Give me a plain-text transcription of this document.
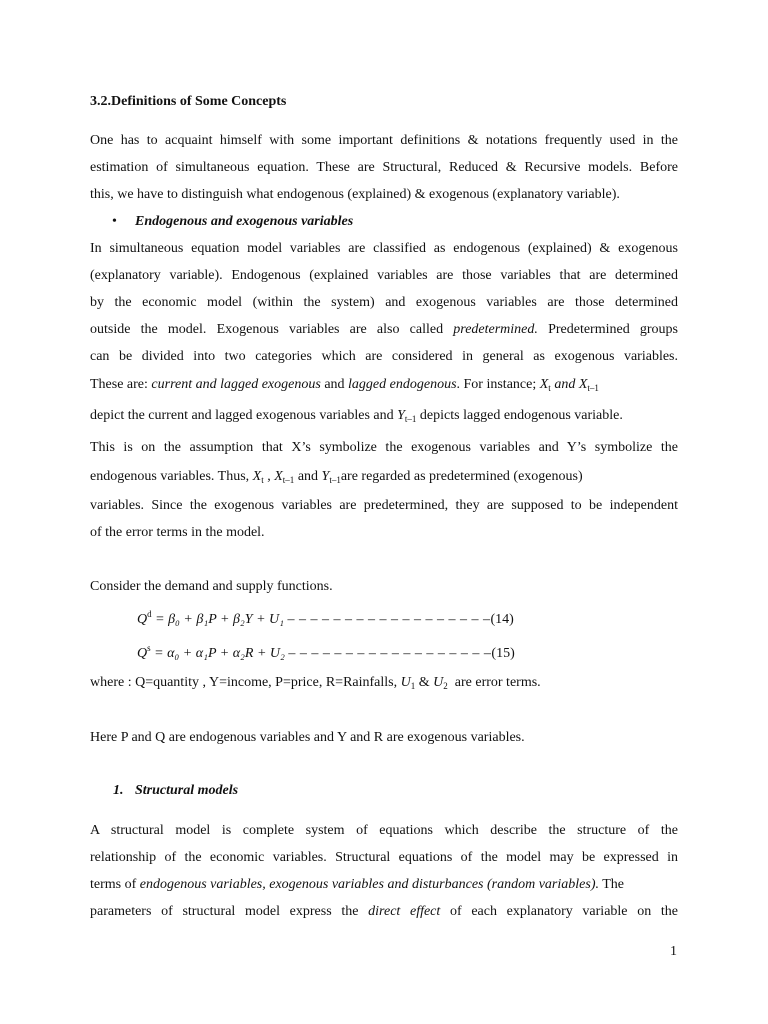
3.2.Definitions of Some Concepts
One has to acquaint himself with some important definitions & notations frequently used in the
estimation of simultaneous equation. These are Structural, Reduced & Recursive models. Before
this, we have to distinguish what endogenous (explained) & exogenous (explanatory variable).
• Endogenous and exogenous variables
In simultaneous equation model variables are classified as endogenous (explained) & exogenous
(explanatory variable). Endogenous (explained variables are those variables that are determined
by the economic model (within the system) and exogenous variables are those determined
outside the model. Exogenous variables are also called predetermined. Predetermined groups
can be divided into two categories which are considered in general as exogenous variables.
These are: current and lagged exogenous and lagged endogenous. For instance; $X_t$ and $X_{t-1}$
depict the current and lagged exogenous variables and $Y_{t-1}$ depicts lagged endogenous variable.
This is on the assumption that X’s symbolize the exogenous variables and Y’s symbolize the
endogenous variables. Thus, $X_t$ , $X_{t-1}$ and $Y_{t-1}are$ regarded as predetermined (exogenous)
variables. Since the exogenous variables are predetermined, they are supposed to be independent
of the error terms in the model.
Consider the demand and supply functions.
$Q^d = \beta_0 + \beta_1P + \beta_2Y + U_1$ – – – – – – – – – – – – – – – – – –(14)
$Q^s = \alpha_0 + \alpha_1P + \alpha_2R + U_2$ – – – – – – – – – – – – – – – – – –(15)
where : Q=quantity , Y=income, P=price, R=Rainfalls, $U_1$ & $U_2$ are error terms.
Here P and Q are endogenous variables and Y and R are exogenous variables.
1. Structural models
A structural model is complete system of equations which describe the structure of the
relationship of the economic variables. Structural equations of the model may be expressed in
terms of endogenous variables, exogenous variables and disturbances (random variables). The
parameters of structural model express the direct effect of each explanatory variable on the
1
